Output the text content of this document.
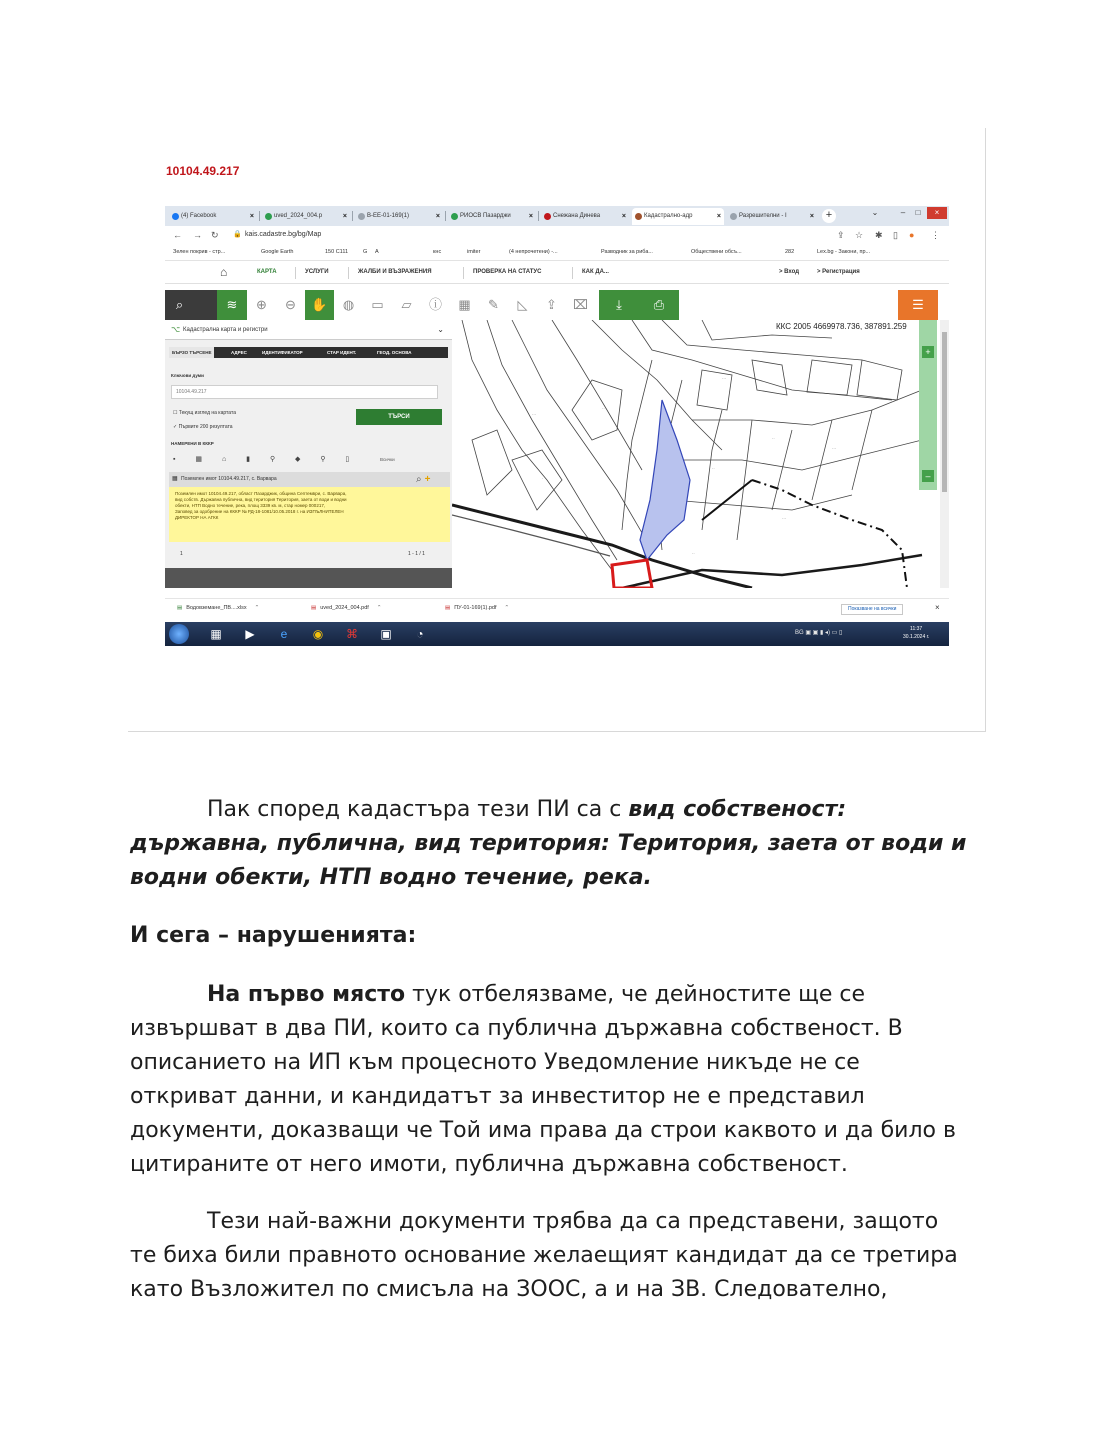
10104.49.217
(4) Facebook	×	uved_2024_004.p	×	B-EE-01-169(1)	×	РИОСВ Пазарджи	×	Снежана Динева	×	Кадастрално-адр	×	Разрешителни - I	×	+	⌄	–	□	×
← → ↻ 🔒 kais.cadastre.bg/bg/Map	⇪ ☆ ✱ ▯ ● ⋮
Зелен покрив - стр...	Google Earth	150 C111	G A	кнс	imiter	(4 непрочетени) -...	Разводник за риба...	Обществени обсъ...	282	Lex.bg - Закони, пр...
⌂	КАРТА	УСЛУГИ	ЖАЛБИ И ВЪЗРАЖЕНИЯ	ПРОВЕРКА НА СТАТУС	КАК ДА...	> Вход	> Регистрация
⌕	≋	⊕	⊖	✋	◍	▭	▱	ⓘ	▦	✎	◺	⇪	⌧	⤓	⎙	☰
⌥ Кадастрална карта и регистри	⌄
БЪРЗО ТЪРСЕНЕ	АДРЕС	ИДЕНТИФИКАТОР	СТАР ИДЕНТ.	ГЕОД. ОСНОВА
Ключови думи
10104.49.217
☐ Текущ изглед на картата
✓ Първите 200 резултата
ТЪРСИ
НАМЕРЕНИ В КККР
▪ ▦ ⌂ ▮ ⚲ ◆ ⚲ ▯	Всички
▦ Поземлен имот 10104.49.217, с. Варвара	⌕ +
Поземлен имот 10104.49.217, област Пазарджик, община Септември, с. Варвара,
вид собств. Държавна публична, вид територия Територия, заета от води и водни
обекти, НТП Водно течение, река, площ 3339 кв. м, стар номер 000217,
Заповед за одобрение на КККР № РД-18-1081/10.05.2018 г. на ИЗПЪЛНИТЕЛЕН
ДИРЕКТОР НА АГКК
1	1 - 1 / 1
···
··
···
··
···
··
···
··
·
ККС 2005 4669978.736, 387891.259
+
–
▤ Водовземане_ПВ....xlsx ⌃	▤ uved_2024_004.pdf ⌃	▤ ПУ-01-169(1).pdf ⌃	Показване на всички	×
▦	▶	e	◉	⌘	▣	◔	BG ▣ ▣ ▮ ◂) ▭ ▯
11:37
30.1.2024 г.
Пак според кадастъра тези ПИ са с вид собственост:
държавна, публична, вид територия: Територия, заета от води и
водни обекти, НТП водно течение, река.
И сега – нарушенията:
На първо място тук отбелязваме, че дейностите ще се
извършват в два ПИ, които са публична държавна собственост. В
описанието на ИП към процесното Уведомление никъде не се
откриват данни, и кандидатът за инвеститор не е представил
документи, доказващи че Той има права да строи каквото и да било в
цитираните от него имоти, публична държавна собственост.
Тези най-важни документи трябва да са представени, защото
те биха били правното основание желаещият кандидат да се третира
като Възложител по смисъла на ЗООС, а и на ЗВ. Следователно,
